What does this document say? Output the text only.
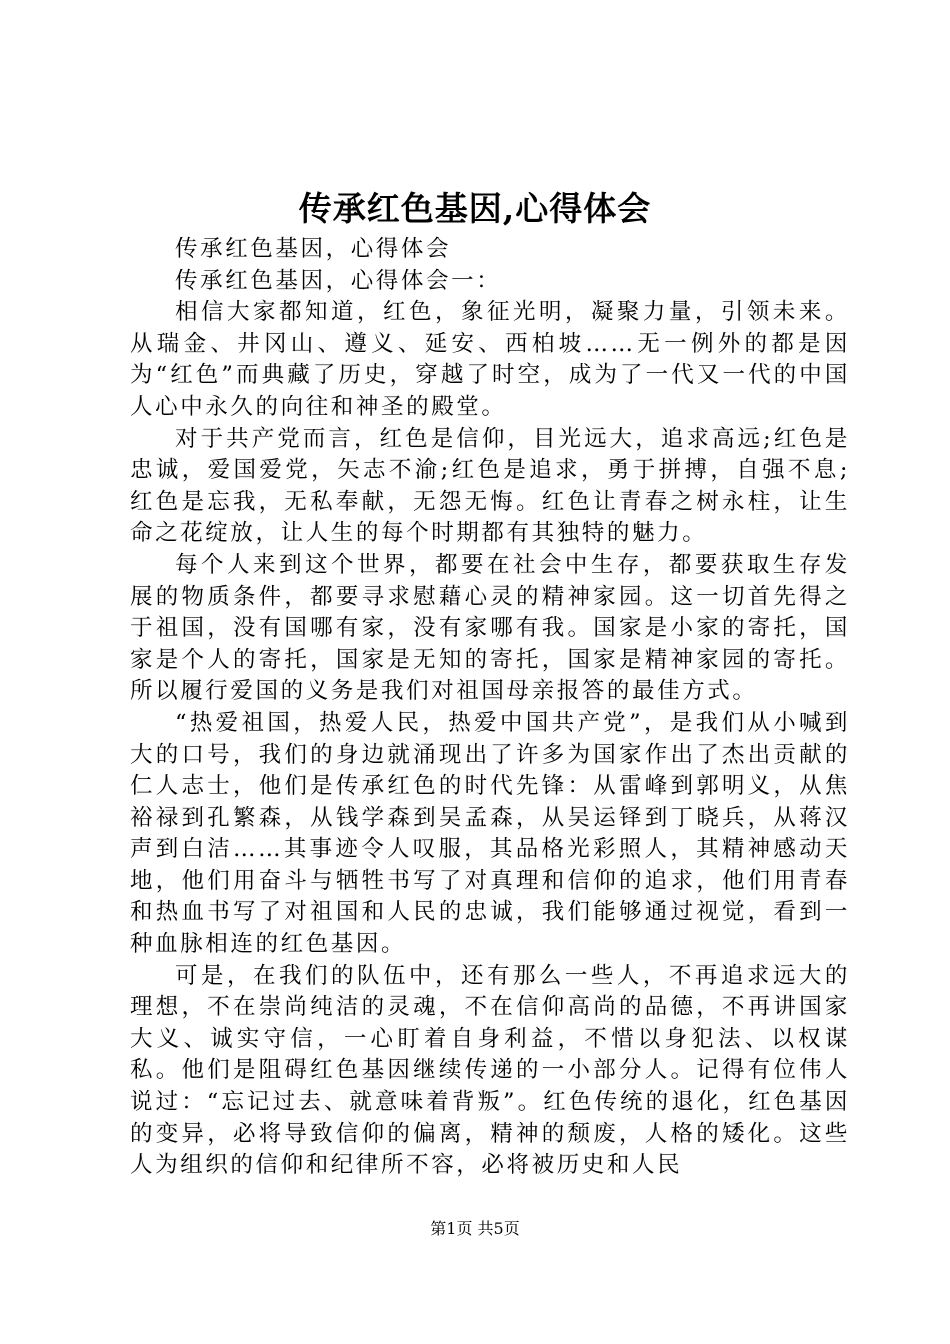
传承红色基因,心得体会

传承红色基因，心得体会

传承红色基因，心得体会一：

相信大家都知道，红色，象征光明，凝聚力量，引领未来。从瑞金、井冈山、遵义、延安、西柏坡……无一例外的都是因为“红色”而典藏了历史，穿越了时空，成为了一代又一代的中国人心中永久的向往和神圣的殿堂。

对于共产党而言，红色是信仰，目光远大，追求高远;红色是忠诚，爱国爱党，矢志不渝;红色是追求，勇于拼搏，自强不息;红色是忘我，无私奉献，无怨无悔。红色让青春之树永柱，让生命之花绽放，让人生的每个时期都有其独特的魅力。

每个人来到这个世界，都要在社会中生存，都要获取生存发展的物质条件，都要寻求慰藉心灵的精神家园。这一切首先得之于祖国，没有国哪有家，没有家哪有我。国家是小家的寄托，国家是个人的寄托，国家是无知的寄托，国家是精神家园的寄托。所以履行爱国的义务是我们对祖国母亲报答的最佳方式。

“热爱祖国，热爱人民，热爱中国共产党”，是我们从小喊到大的口号，我们的身边就涌现出了许多为国家作出了杰出贡献的仁人志士，他们是传承红色的时代先锋：从雷峰到郭明义，从焦裕禄到孔繁森，从钱学森到吴孟森，从吴运铎到丁晓兵，从蒋汉声到白洁……其事迹令人叹服，其品格光彩照人，其精神感动天地，他们用奋斗与牺牲书写了对真理和信仰的追求，他们用青春和热血书写了对祖国和人民的忠诚，我们能够通过视觉，看到一种血脉相连的红色基因。

可是，在我们的队伍中，还有那么一些人，不再追求远大的理想，不在崇尚纯洁的灵魂，不在信仰高尚的品德，不再讲国家大义、诚实守信，一心盯着自身利益，不惜以身犯法、以权谋私。他们是阻碍红色基因继续传递的一小部分人。记得有位伟人说过：“忘记过去、就意味着背叛”。红色传统的退化，红色基因的变异，必将导致信仰的偏离，精神的颓废，人格的矮化。这些人为组织的信仰和纪律所不容，必将被历史和人民

第1页 共5页
